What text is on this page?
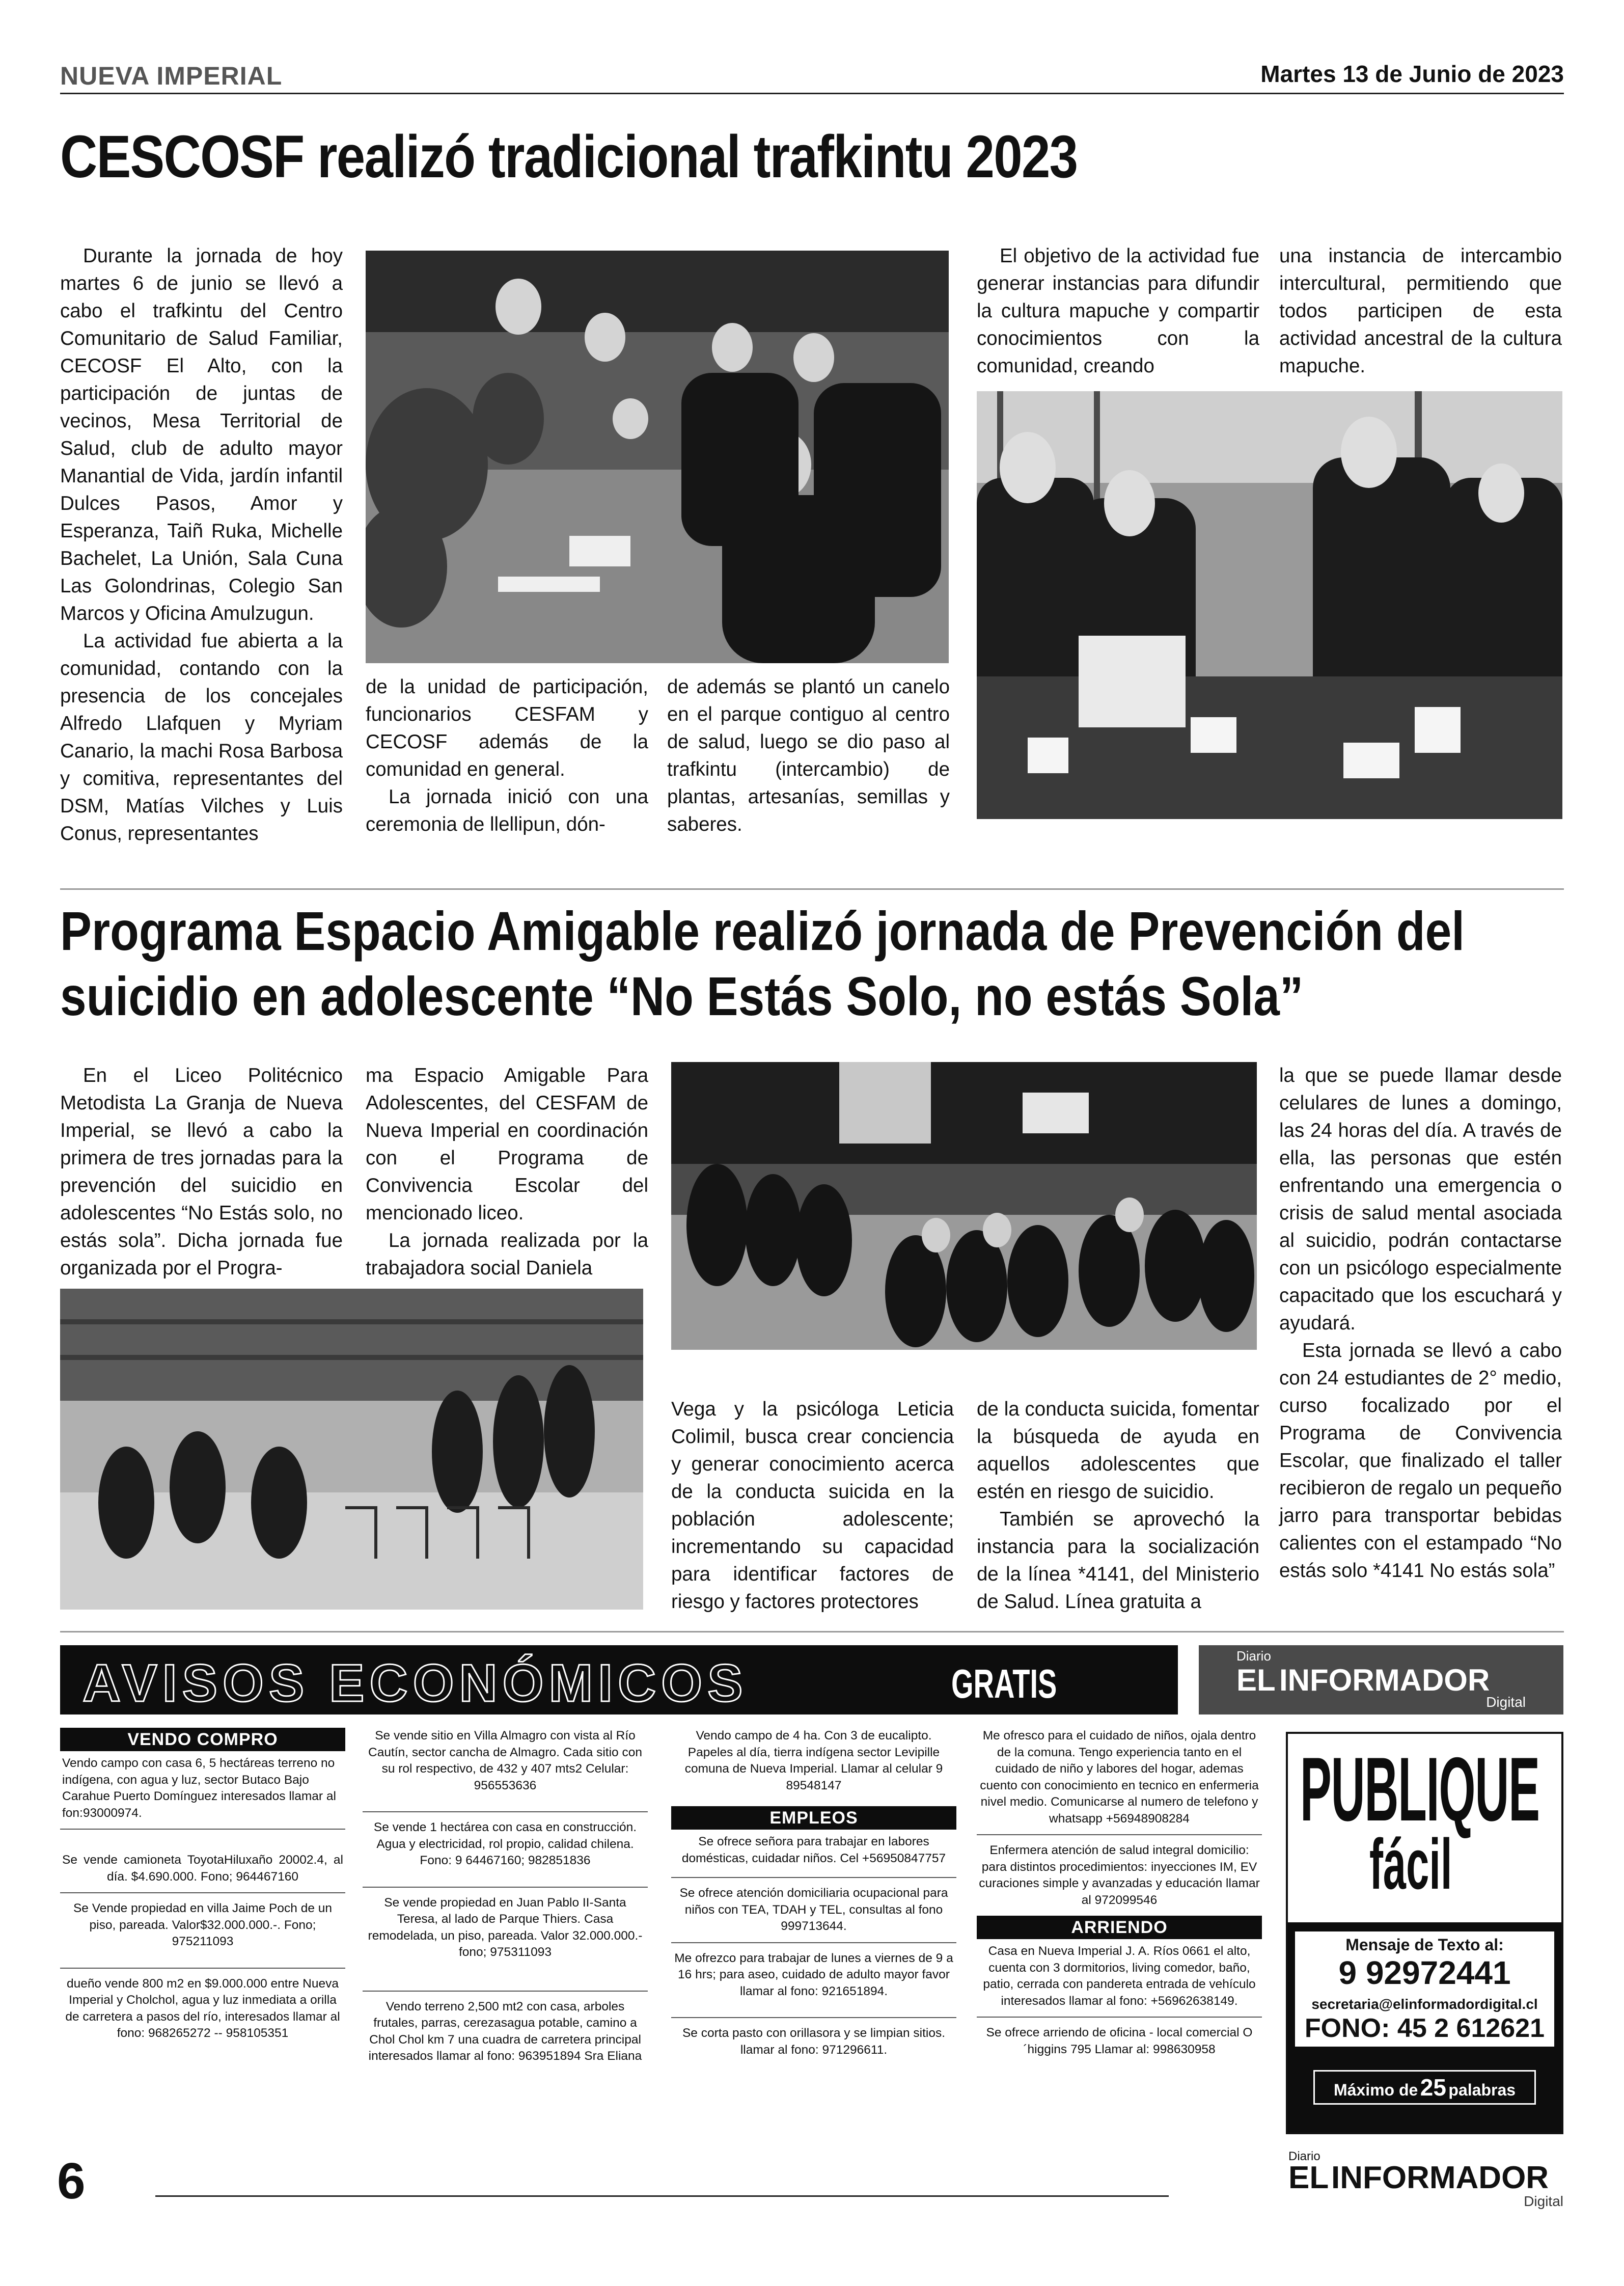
NUEVA IMPERIAL	Martes 13 de Junio de 2023
CESCOSF realizó tradicional trafkintu 2023

Durante la jornada de hoy martes 6 de junio se llevó a cabo el trafkintu del Centro Comunitario de Salud Familiar, CECOSF El Alto, con la participación de juntas de vecinos, Mesa Territorial de Salud, club de adulto mayor Manantial de Vida, jardín infantil Dulces Pasos, Amor y Esperanza, Taiñ Ruka, Michelle Bachelet, La Unión, Sala Cuna Las Golondrinas, Colegio San Marcos y Oficina Amulzugun.

La actividad fue abierta a la comunidad, contando con la presencia de los concejales Alfredo Llafquen y Myriam Canario, la machi Rosa Barbosa y comitiva, representantes del DSM, Matías Vilches y Luis Conus, representantes

de la unidad de participación, funcionarios CESFAM y CECOSF además de la comunidad en general.

La jornada inició con una ceremonia de llellipun, dón-

de además se plantó un canelo en el parque contiguo al centro de salud, luego se dio paso al trafkintu (intercambio) de plantas, artesanías, semillas y saberes.

El objetivo de la actividad fue generar instancias para difundir la cultura mapuche y compartir conocimientos con la comunidad, creando

una instancia de intercambio intercultural, permitiendo que todos participen de esta actividad ancestral de la cultura mapuche.

Programa Espacio Amigable realizó jornada de Prevención del
suicidio en adolescente “No Estás Solo, no estás Sola”

En el Liceo Politécnico Metodista La Granja de Nueva Imperial, se llevó a cabo la primera de tres jornadas para la prevención del suicidio en adolescentes “No Estás solo, no estás sola”. Dicha jornada fue organizada por el Progra-

ma Espacio Amigable Para Adolescentes, del CESFAM de Nueva Imperial en coordinación con el Programa de Convivencia Escolar del mencionado liceo.

La jornada realizada por la trabajadora social Daniela

Vega y la psicóloga Leticia Colimil, busca crear conciencia y generar conocimiento acerca de la conducta suicida en la población adolescente; incrementando su capacidad para identificar factores de riesgo y factores protectores

de la conducta suicida, fomentar la búsqueda de ayuda en aquellos adolescentes que estén en riesgo de suicidio.

También se aprovechó la instancia para la socialización de la línea *4141, del Ministerio de Salud. Línea gratuita a

la que se puede llamar desde celulares de lunes a domingo, las 24 horas del día. A través de ella, las personas que estén enfrentando una emergencia o crisis de salud mental asociada al suicidio, podrán contactarse con un psicólogo especialmente capacitado que los escuchará y ayudará.

Esta jornada se llevó a cabo con 24 estudiantes de 2° medio, curso focalizado por el Programa de Convivencia Escolar, que finalizado el taller recibieron de regalo un pequeño jarro para transportar bebidas calientes con el estampado “No estás solo *4141 No estás sola”

AVISOS ECONÓMICOS	GRATIS
Diario
EL INFORMADOR
Digital
VENDO COMPRO
Vendo campo con casa 6, 5 hectáreas terreno no indígena, con agua y luz, sector Butaco Bajo Carahue Puerto Domínguez interesados llamar al fon:93000974.
Se vende camioneta ToyotaHiluxaño 20002.4, al día. $4.690.000. Fono; 964467160
Se Vende propiedad en villa Jaime Poch de un piso, pareada. Valor$32.000.000.-. Fono; 975211093
dueño vende 800 m2 en $9.000.000 entre Nueva Imperial y Cholchol, agua y luz inmediata a orilla de carretera a pasos del río, interesados llamar al fono: 968265272 -- 958105351
Se vende sitio en Villa Almagro con vista al Río Cautín, sector cancha de Almagro. Cada sitio con su rol respectivo, de 432 y 407 mts2 Celular: 956553636
Se vende 1 hectárea con casa en construcción. Agua y electricidad, rol propio, calidad chilena. Fono: 9 64467160; 982851836
Se vende propiedad en Juan Pablo II-Santa Teresa, al lado de Parque Thiers. Casa remodelada, un piso, pareada. Valor 32.000.000.- fono; 975311093
Vendo terreno 2,500 mt2 con casa, arboles frutales, parras, cerezasagua potable, camino a Chol Chol km 7 una cuadra de carretera principal interesados llamar al fono: 963951894 Sra Eliana
Vendo campo de 4 ha. Con 3 de eucalipto. Papeles al día, tierra indígena sector Levipille comuna de Nueva Imperial. Llamar al celular 9 89548147
EMPLEOS
Se ofrece señora para trabajar en labores domésticas, cuidadar niños. Cel +56950847757
Se ofrece atención domiciliaria ocupacional para niños con TEA, TDAH y TEL, consultas al fono 999713644.
Me ofrezco para trabajar de lunes a viernes de 9 a 16 hrs; para aseo, cuidado de adulto mayor favor llamar al fono: 921651894.
Se corta pasto con orillasora y se limpian sitios. llamar al fono: 971296611.
Me ofresco para el cuidado de niños, ojala dentro de la comuna. Tengo experiencia tanto en el cuidado de niño y labores del hogar, ademas cuento con conocimiento en tecnico en enfermeria nivel medio. Comunicarse al numero de telefono y whatsapp +56948908284
Enfermera atención de salud integral domicilio: para distintos procedimientos: inyecciones IM, EV curaciones simple y avanzadas y educación llamar al 972099546
ARRIENDO
Casa en Nueva Imperial J. A. Ríos 0661 el alto, cuenta con 3 dormitorios, living comedor, baño, patio, cerrada con pandereta entrada de vehículo interesados llamar al fono: +56962638149.
Se ofrece arriendo de oficina - local comercial O´higgins 795 Llamar al: 998630958
PUBLIQUE
fácil
Mensaje de Texto al:
9 92972441
secretaria@elinformadordigital.cl
FONO: 45 2 612621
Máximo de 25 palabras
6	Diario
EL INFORMADOR
Digital
